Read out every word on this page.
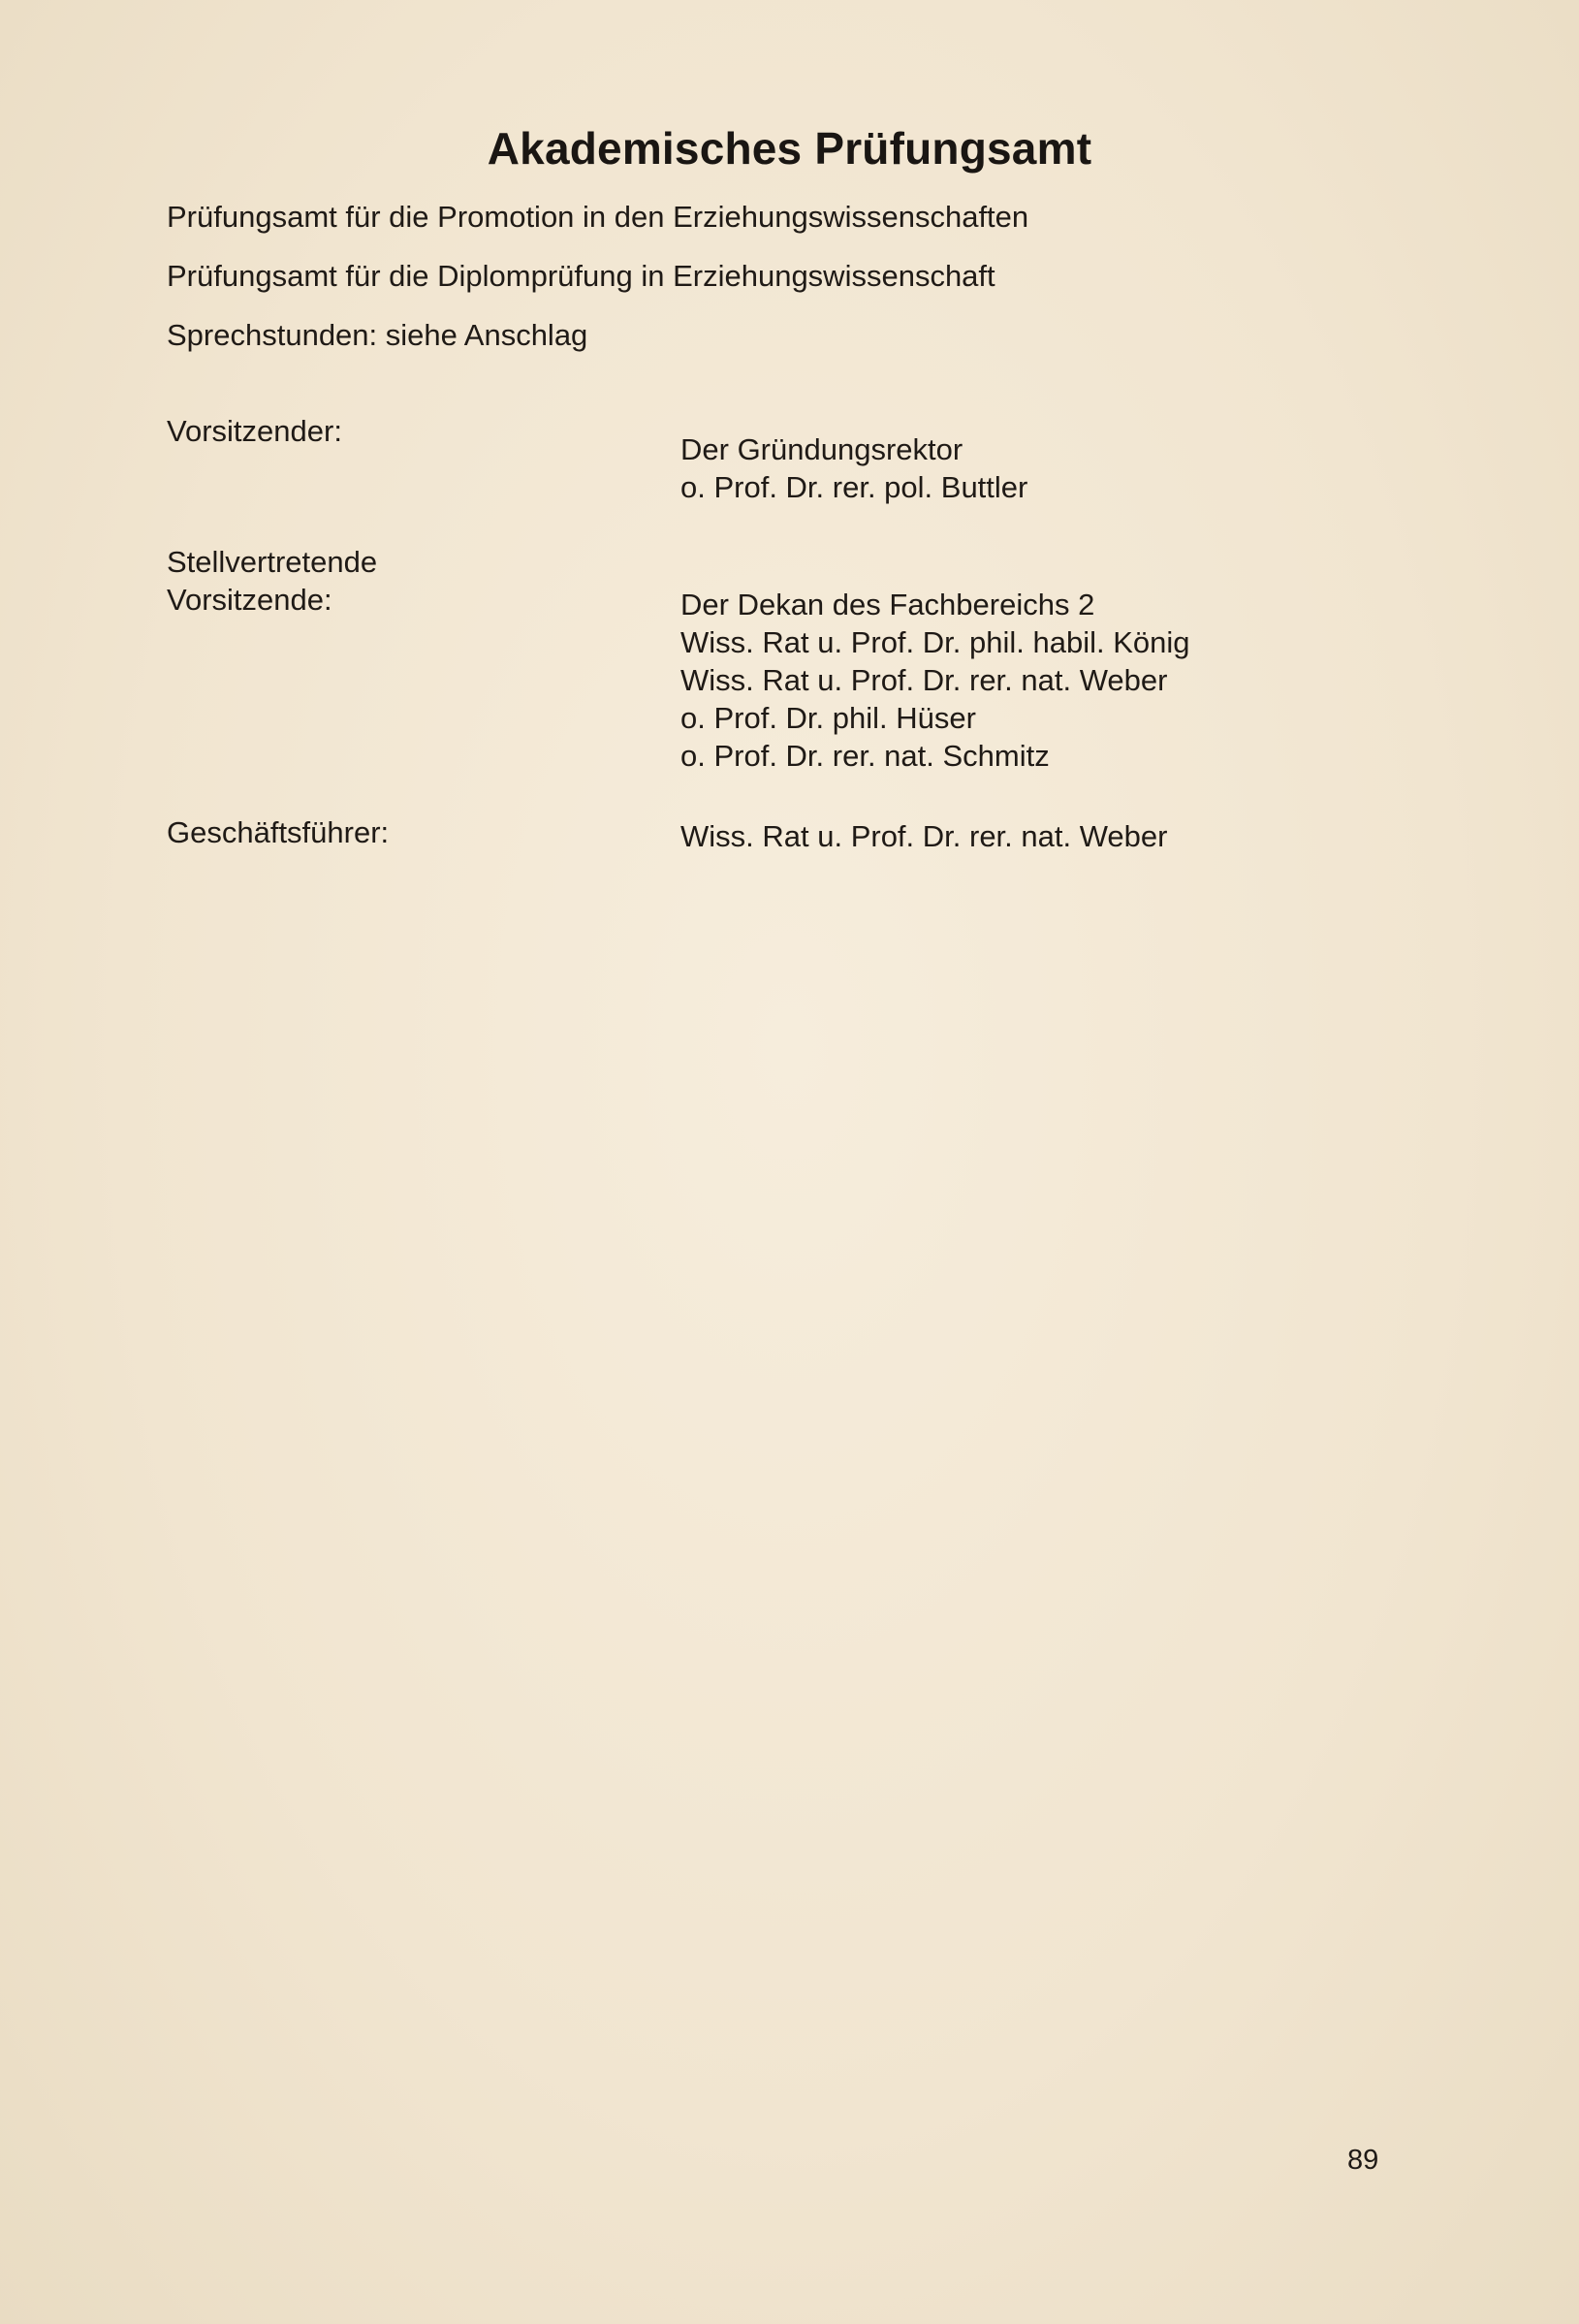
Akademisches Prüfungsamt

Prüfungsamt für die Promotion in den Erziehungswissenschaften

Prüfungsamt für die Diplomprüfung in Erziehungswissenschaft

Sprechstunden: siehe Anschlag

Vorsitzender:
Der Gründungsrektor
o. Prof. Dr. rer. pol. Buttler
Stellvertretende
Vorsitzende:	Der Dekan des Fachbereichs 2
Wiss. Rat u. Prof. Dr. phil. habil. König
Wiss. Rat u. Prof. Dr. rer. nat. Weber
o. Prof. Dr. phil. Hüser
o. Prof. Dr. rer. nat. Schmitz
Geschäftsführer:	Wiss. Rat u. Prof. Dr. rer. nat. Weber

89
